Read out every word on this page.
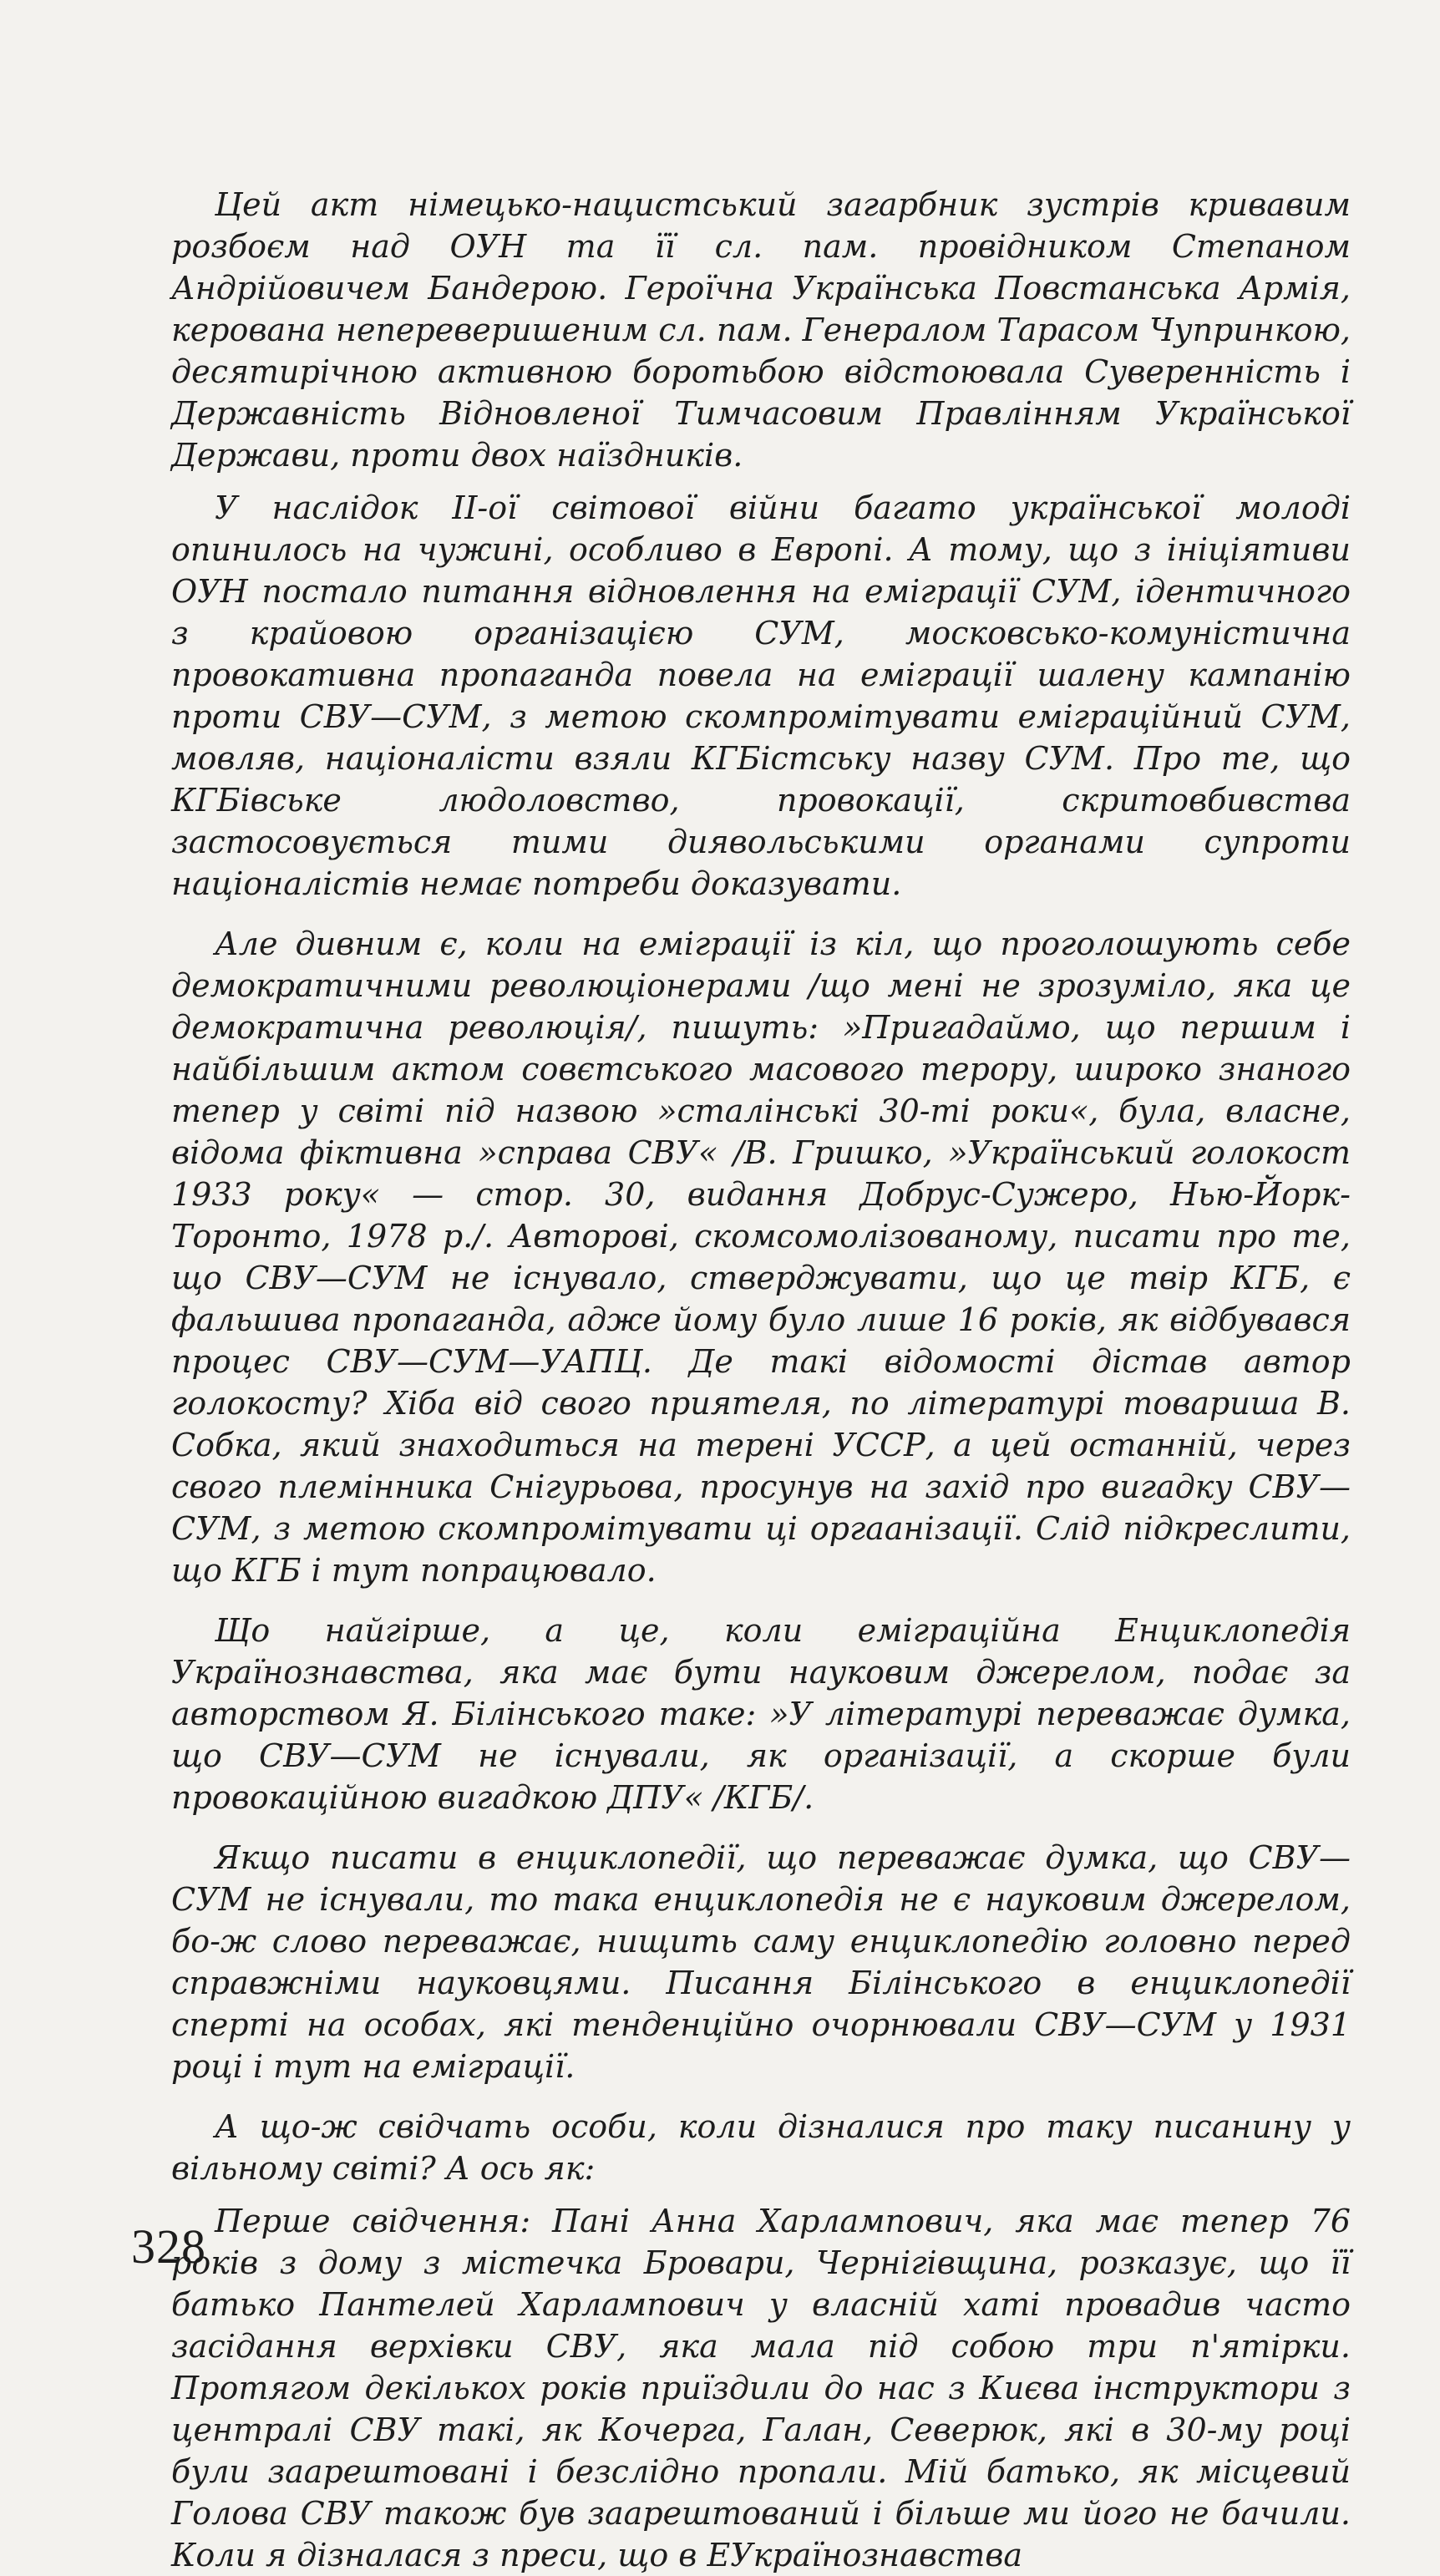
Цей акт німецько-нацистський загарбник зустрів кривавим розбоєм над ОУН та її сл. пам. провідником Степаном Андрійовичем Бандерою. Героїчна Українська Повстанська Армія, керована непереверишеним сл. пам. Генералом Тарасом Чупринкою, десятирічною активною боротьбою відстоювала Суверенність і Державність Відновленої Тимчасовим Правлінням Української Держави, проти двох наїздників.

У наслідок II-ої світової війни багато української молоді опинилось на чужині, особливо в Европі. А тому, що з ініціятиви ОУН постало питання відновлення на еміграції СУМ, ідентичного з крайовою організацією СУМ, московсько-комуністична провокативна пропаганда повела на еміграції шалену кампанію проти СВУ—СУМ, з метою скомпромітувати еміграційний СУМ, мовляв, націоналісти взяли КГБістську назву СУМ. Про те, що КГБівське людоловство, провокації, скритовбивства застосовується тими диявольськими органами супроти націоналістів немає потреби доказувати.

Але дивним є, коли на еміграції із кіл, що проголошують себе демократичними революціонерами /що мені не зрозуміло, яка це демократична революція/, пишуть: »Пригадаймо, що першим і найбільшим актом совєтського масового терору, широко знаного тепер у світі під назвою »сталінські 30-ті роки«, була, власне, відома фіктивна »справа СВУ« /В. Гришко, »Український голокост 1933 року« — стор. 30, видання Добрус-Сужеро, Нью-Йорк-Торонто, 1978 р./. Авторові, скомсомолізованому, писати про те, що СВУ—СУМ не існувало, стверджувати, що це твір КГБ, є фальшива пропаганда, адже йому було лише 16 років, як відбувався процес СВУ—СУМ—УАПЦ. Де такі відомості дістав автор голокосту? Хіба від свого приятеля, по літературі товариша В. Собка, який знаходиться на терені УССР, а цей останній, через свого племінника Снігурьова, просунув на захід про вигадку СВУ—СУМ, з метою скомпромітувати ці оргаанізації. Слід підкреслити, що КГБ і тут попрацювало.

Що найгірше, а це, коли еміграційна Енциклопедія Українознавства, яка має бути науковим джерелом, подає за авторством Я. Білінського таке: »У літературі переважає думка, що СВУ—СУМ не існували, як організації, а скорше були провокаційною вигадкою ДПУ« /КГБ/.

Якщо писати в енциклопедії, що переважає думка, що СВУ—СУМ не існували, то така енциклопедія не є науковим джерелом, бо-ж слово переважає, нищить саму енциклопедію головно перед справжніми науковцями. Писання Білінського в енциклопедії сперті на особах, які тенденційно очорнювали СВУ—СУМ у 1931 році і тут на еміграції.

А що-ж свідчать особи, коли дізналися про таку писанину у вільному світі? А ось як:

Перше свідчення: Пані Анна Харлампович, яка має тепер 76 років з дому з містечка Бровари, Чернігівщина, розказує, що її батько Пантелей Харлампович у власній хаті провадив часто засідання верхівки СВУ, яка мала під собою три п'ятірки. Протягом декількох років приїздили до нас з Києва інструктори з централі СВУ такі, як Кочерга, Галан, Северюк, які в 30-му році були заарештовані і безслідно пропали. Мій батько, як місцевий Голова СВУ також був заарештований і більше ми його не бачили. Коли я дізналася з преси, що в ЕУкраїнознавства

328
